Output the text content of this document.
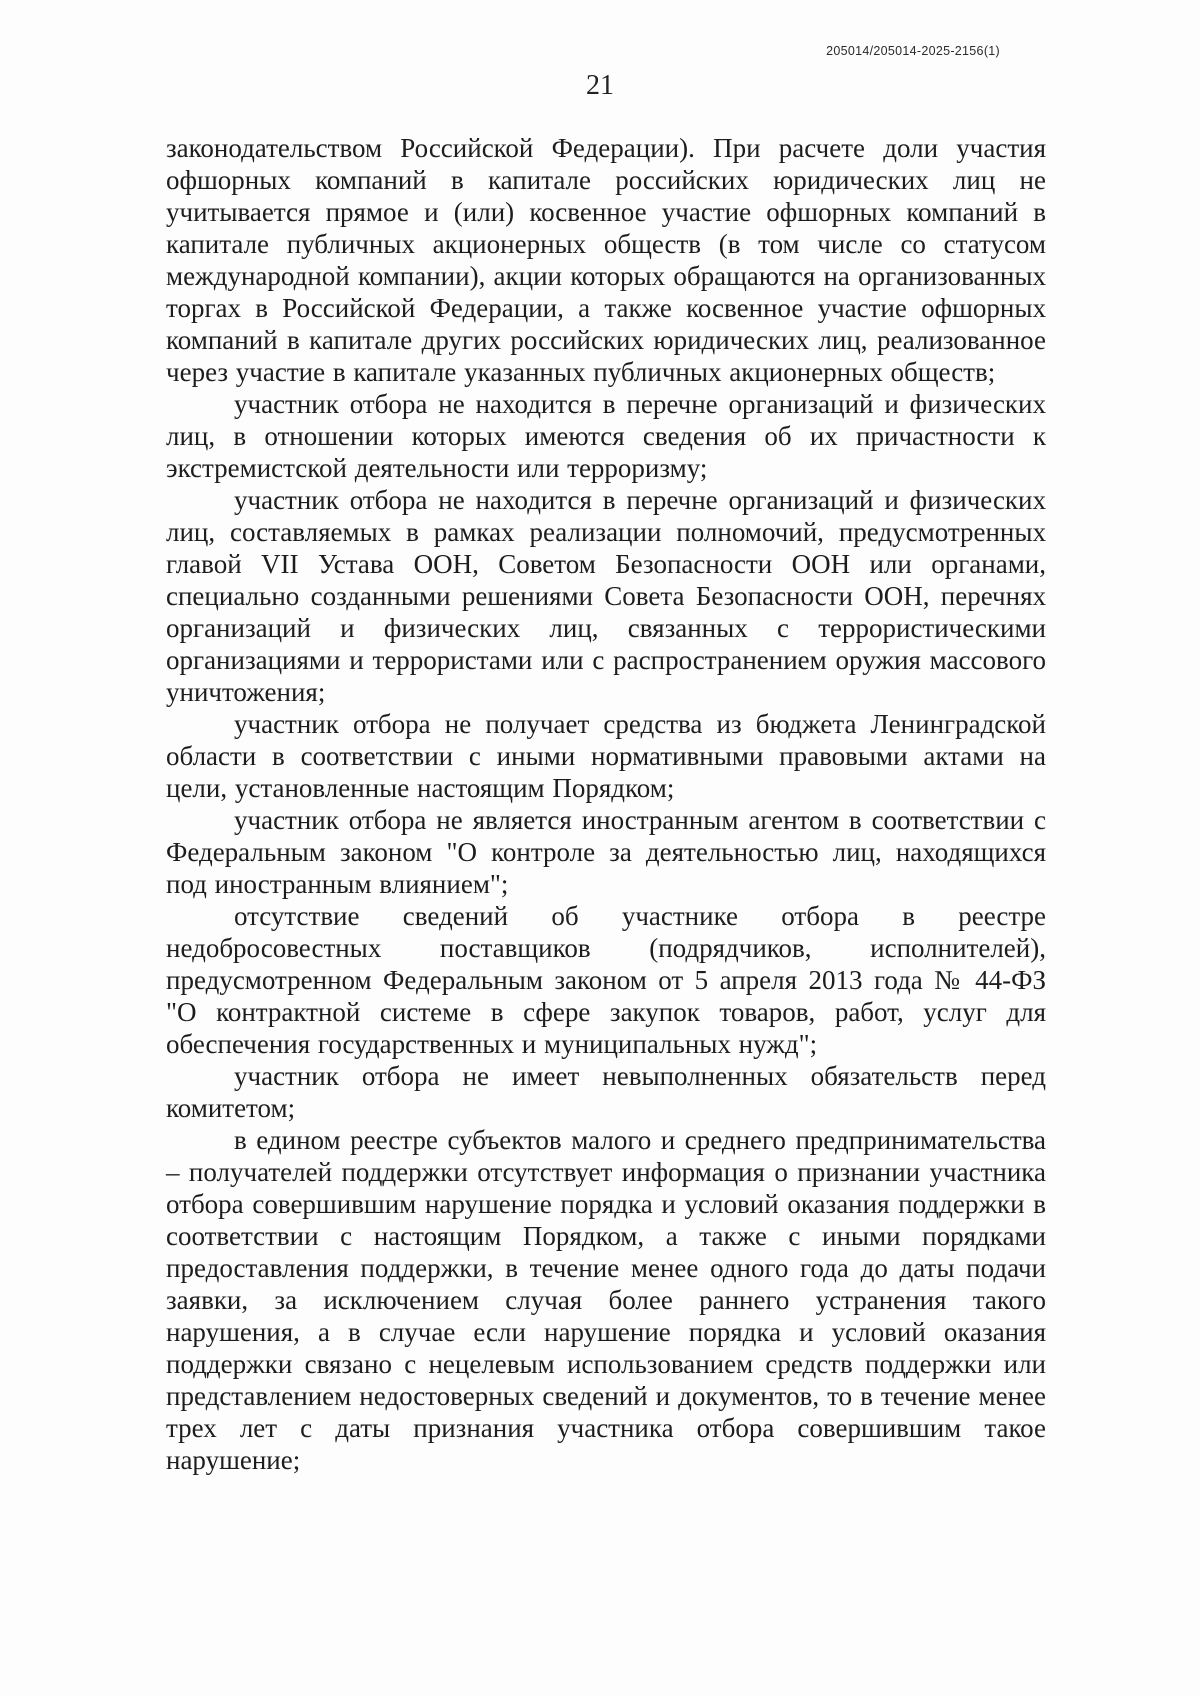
205014/205014-2025-2156(1)
21

законодательством Российской Федерации). При расчете доли участия офшорных компаний в капитале российских юридических лиц не учитывается прямое и (или) косвенное участие офшорных компаний в капитале публичных акционерных обществ (в том числе со статусом международной компании), акции которых обращаются на организованных торгах в Российской Федерации, а также косвенное участие офшорных компаний в капитале других российских юридических лиц, реализованное через участие в капитале указанных публичных акционерных обществ;

участник отбора не находится в перечне организаций и физических лиц, в отношении которых имеются сведения об их причастности к экстремистской деятельности или терроризму;

участник отбора не находится в перечне организаций и физических лиц, составляемых в рамках реализации полномочий, предусмотренных главой VII Устава ООН, Советом Безопасности ООН или органами, специально созданными решениями Совета Безопасности ООН, перечнях организаций и физических лиц, связанных с террористическими организациями и террористами или с распространением оружия массового уничтожения;

участник отбора не получает средства из бюджета Ленинградской области в соответствии с иными нормативными правовыми актами на цели, установленные настоящим Порядком;

участник отбора не является иностранным агентом в соответствии с Федеральным законом "О контроле за деятельностью лиц, находящихся под иностранным влиянием";

отсутствие сведений об участнике отбора в реестре недобросовестных поставщиков (подрядчиков, исполнителей), предусмотренном Федеральным законом от 5 апреля 2013 года № 44-ФЗ "О контрактной системе в сфере закупок товаров, работ, услуг для обеспечения государственных и муниципальных нужд";

участник отбора не имеет невыполненных обязательств перед комитетом;

в едином реестре субъектов малого и среднего предпринимательства – получателей поддержки отсутствует информация о признании участника отбора совершившим нарушение порядка и условий оказания поддержки в соответствии с настоящим Порядком, а также с иными порядками предоставления поддержки, в течение менее одного года до даты подачи заявки, за исключением случая более раннего устранения такого нарушения, а в случае если нарушение порядка и условий оказания поддержки связано с нецелевым использованием средств поддержки или представлением недостоверных сведений и документов, то в течение менее трех лет с даты признания участника отбора совершившим такое нарушение;
